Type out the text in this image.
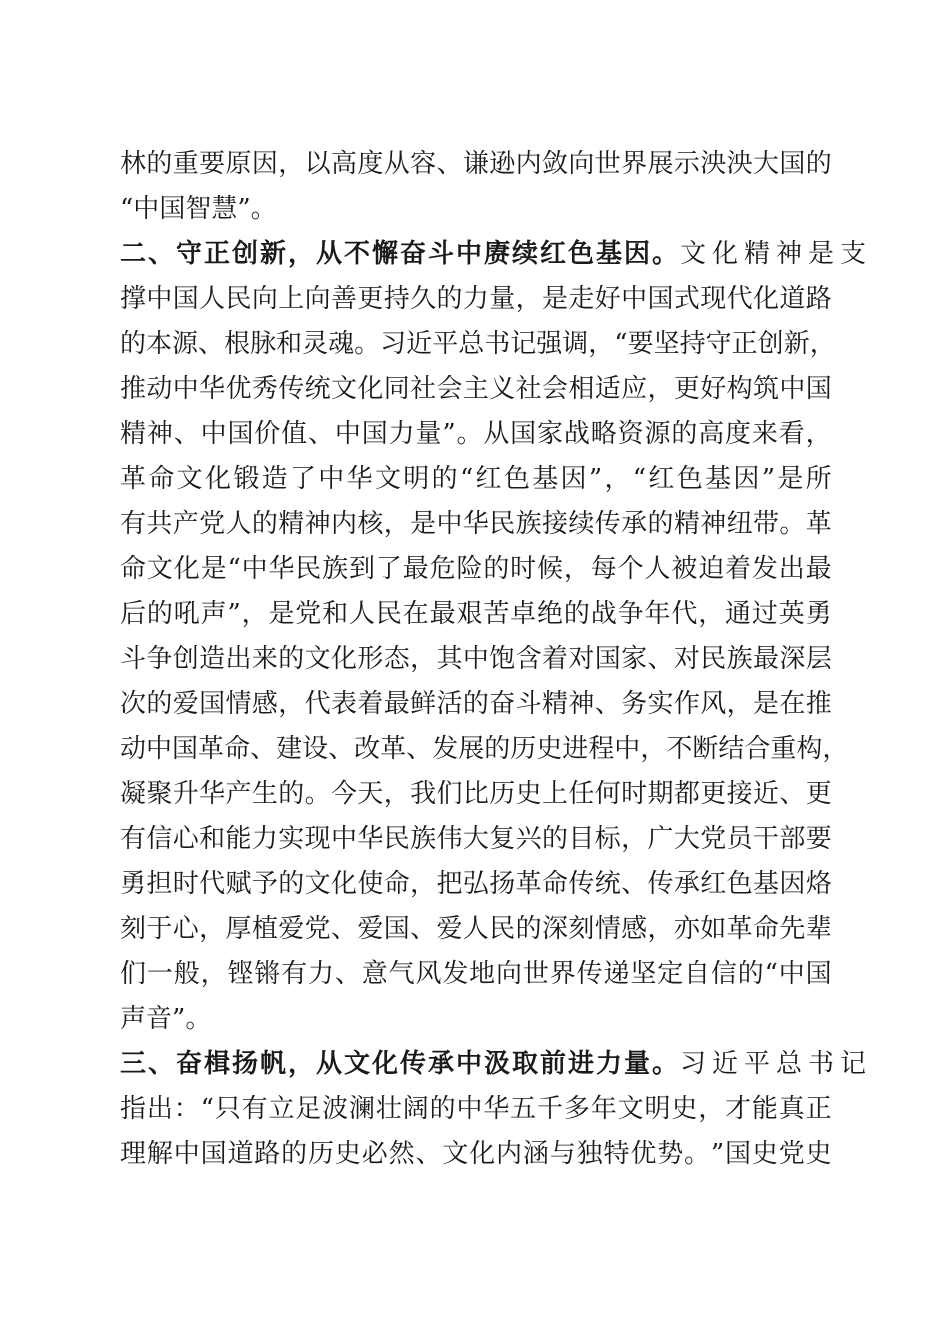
林 的 重 要 原 因 ， 以 高 度 从 容 、 谦 逊 内 敛 向 世 界 展 示 泱 泱 大 国 的
“ 中 国 智 慧 ” 。
二、守正创新，从不懈奋斗中赓续红色基因。 文化精神是支
撑 中 国 人 民 向 上 向 善 更 持 久 的 力 量 ， 是 走 好 中 国 式 现 代 化 道 路
的 本 源 、 根 脉 和 灵 魂 。 习 近 平 总 书 记 强 调 ， “ 要 坚 持 守 正 创 新 ，
推 动 中 华 优 秀 传 统 文 化 同 社 会 主 义 社 会 相 适 应 ， 更 好 构 筑 中 国
精 神 、 中 国 价 值 、 中 国 力 量 ” 。 从 国 家 战 略 资 源 的 高 度 来 看 ，
革 命 文 化 锻 造 了 中 华 文 明 的 “ 红 色 基 因 ” ， “ 红 色 基 因 ” 是 所
有 共 产 党 人 的 精 神 内 核 ， 是 中 华 民 族 接 续 传 承 的 精 神 纽 带 。 革
命 文 化 是 “ 中 华 民 族 到 了 最 危 险 的 时 候 ， 每 个 人 被 迫 着 发 出 最
后 的 吼 声 ” ， 是 党 和 人 民 在 最 艰 苦 卓 绝 的 战 争 年 代 ， 通 过 英 勇
斗 争 创 造 出 来 的 文 化 形 态 ， 其 中 饱 含 着 对 国 家 、 对 民 族 最 深 层
次 的 爱 国 情 感 ， 代 表 着 最 鲜 活 的 奋 斗 精 神 、 务 实 作 风 ， 是 在 推
动 中 国 革 命 、 建 设 、 改 革 、 发 展 的 历 史 进 程 中 ， 不 断 结 合 重 构 ，
凝 聚 升 华 产 生 的 。 今 天 ， 我 们 比 历 史 上 任 何 时 期 都 更 接 近 、 更
有 信 心 和 能 力 实 现 中 华 民 族 伟 大 复 兴 的 目 标 ， 广 大 党 员 干 部 要
勇 担 时 代 赋 予 的 文 化 使 命 ， 把 弘 扬 革 命 传 统 、 传 承 红 色 基 因 烙
刻 于 心 ， 厚 植 爱 党 、 爱 国 、 爱 人 民 的 深 刻 情 感 ， 亦 如 革 命 先 辈
们 一 般 ， 铿 锵 有 力 、 意 气 风 发 地 向 世 界 传 递 坚 定 自 信 的 “ 中 国
声 音 ” 。
三、奋楫扬帆，从文化传承中汲取前进力量。 习近平总书记
指 出 ： “ 只 有 立 足 波 澜 壮 阔 的 中 华 五 千 多 年 文 明 史 ， 才 能 真 正
理 解 中 国 道 路 的 历 史 必 然 、 文 化 内 涵 与 独 特 优 势 。 ” 国 史 党 史
